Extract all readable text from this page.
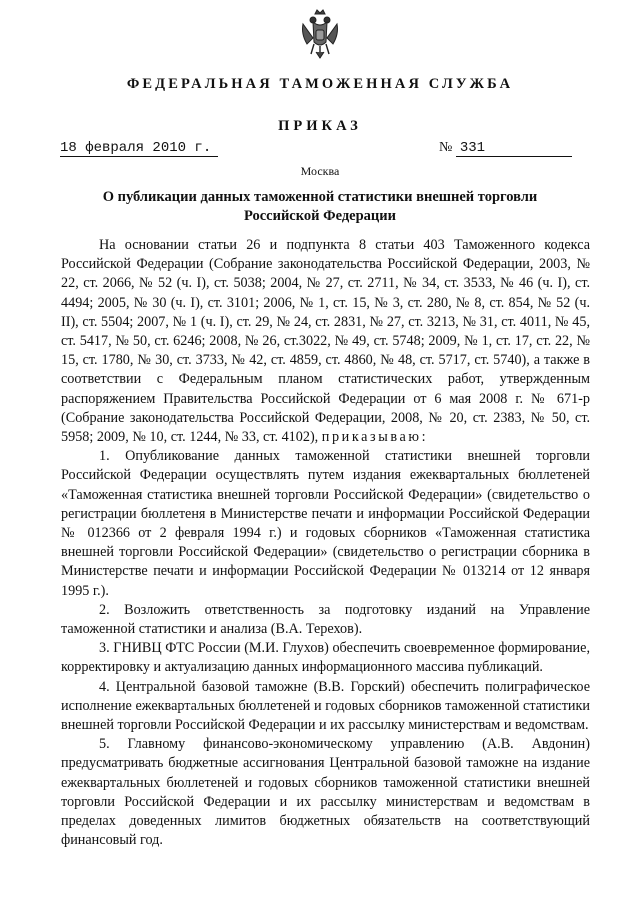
ФЕДЕРАЛЬНАЯ ТАМОЖЕННАЯ СЛУЖБА
ПРИКАЗ
18 февраля 2010 г.	№ 331
Москва
О публикации данных таможенной статистики внешней торговли Российской Федерации

На основании статьи 26 и подпункта 8 статьи 403 Таможенного кодекса Российской Федерации (Собрание законодательства Российской Федерации, 2003, № 22, ст. 2066, № 52 (ч. I), ст. 5038; 2004, № 27, ст. 2711, № 34, ст. 3533, № 46 (ч. I), ст. 4494; 2005, № 30 (ч. I), ст. 3101; 2006, № 1, ст. 15, № 3, ст. 280, № 8, ст. 854, № 52 (ч. II), ст. 5504; 2007, № 1 (ч. I), ст. 29, № 24, ст. 2831, № 27, ст. 3213, № 31, ст. 4011, № 45, ст. 5417, № 50, ст. 6246; 2008, № 26, ст.3022, № 49, ст. 5748; 2009, № 1, ст. 17, ст. 22, № 15, ст. 1780, № 30, ст. 3733, № 42, ст. 4859, ст. 4860, № 48, ст. 5717, ст. 5740), а также в соответствии с Федеральным планом статистических работ, утвержденным распоряжением Правительства Российской Федерации от 6 мая 2008 г. № 671-р (Собрание законодательства Российской Федерации, 2008, № 20, ст. 2383, № 50, ст. 5958; 2009, № 10, ст. 1244, № 33, ст. 4102), приказываю:

1. Опубликование данных таможенной статистики внешней торговли Российской Федерации осуществлять путем издания ежеквартальных бюллетеней «Таможенная статистика внешней торговли Российской Федерации» (свидетельство о регистрации бюллетеня в Министерстве печати и информации Российской Федерации № 012366 от 2 февраля 1994 г.) и годовых сборников «Таможенная статистика внешней торговли Российской Федерации» (свидетельство о регистрации сборника в Министерстве печати и информации Российской Федерации № 013214 от 12 января 1995 г.).

2. Возложить ответственность за подготовку изданий на Управление таможенной статистики и анализа (В.А. Терехов).

3. ГНИВЦ ФТС России (М.И. Глухов) обеспечить своевременное формирование, корректировку и актуализацию данных информационного массива публикаций.

4. Центральной базовой таможне (В.В. Горский) обеспечить полиграфическое исполнение ежеквартальных бюллетеней и годовых сборников таможенной статистики внешней торговли Российской Федерации и их рассылку министерствам и ведомствам.

5. Главному финансово-экономическому управлению (А.В. Авдонин) предусматривать бюджетные ассигнования Центральной базовой таможне на издание ежеквартальных бюллетеней и годовых сборников таможенной статистики внешней торговли Российской Федерации и их рассылку министерствам и ведомствам в пределах доведенных лимитов бюджетных обязательств на соответствующий финансовый год.
